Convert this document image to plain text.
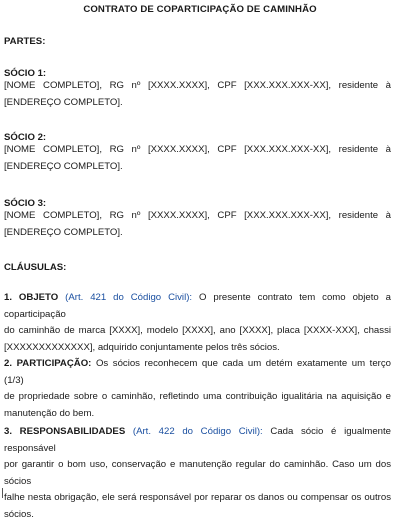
CONTRATO DE COPARTICIPAÇÃO DE CAMINHÃO
PARTES:
SÓCIO 1:
[NOME COMPLETO], RG nº [XXXX.XXXX], CPF [XXX.XXX.XXX-XX], residente à
[ENDEREÇO COMPLETO].
SÓCIO 2:
[NOME COMPLETO], RG nº [XXXX.XXXX], CPF [XXX.XXX.XXX-XX], residente à
[ENDEREÇO COMPLETO].
SÓCIO 3:
[NOME COMPLETO], RG nº [XXXX.XXXX], CPF [XXX.XXX.XXX-XX], residente à
[ENDEREÇO COMPLETO].
CLÁUSULAS:
1. OBJETO (Art. 421 do Código Civil): O presente contrato tem como objeto a coparticipação
do caminhão de marca [XXXX], modelo [XXXX], ano [XXXX], placa [XXXX-XXX], chassi
[XXXXXXXXXXXXX], adquirido conjuntamente pelos três sócios.
2. PARTICIPAÇÃO: Os sócios reconhecem que cada um detém exatamente um terço (1/3)
de propriedade sobre o caminhão, refletindo uma contribuição igualitária na aquisição e
manutenção do bem.
3. RESPONSABILIDADES (Art. 422 do Código Civil): Cada sócio é igualmente responsável
por garantir o bom uso, conservação e manutenção regular do caminhão. Caso um dos sócios
falhe nesta obrigação, ele será responsável por reparar os danos ou compensar os outros
sócios.
